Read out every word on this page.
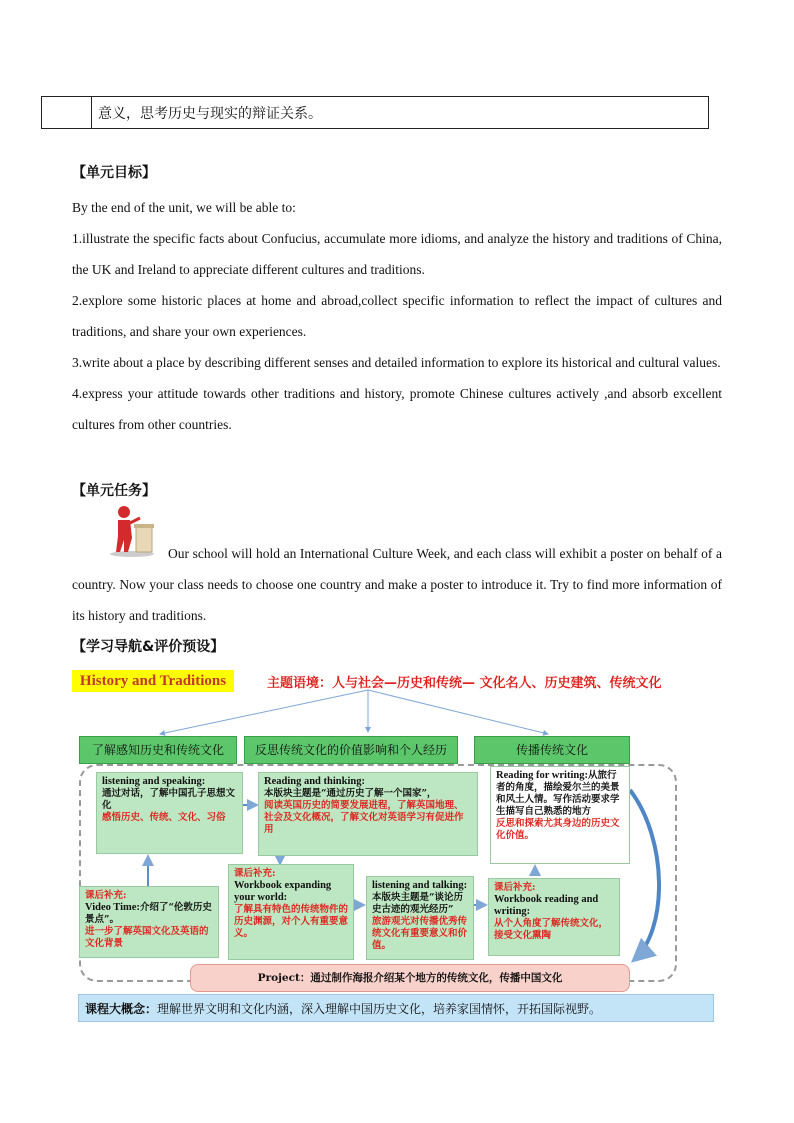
意义，思考历史与现实的辩证关系。
【单元目标】

By the end of the unit, we will be able to:

1.illustrate the specific facts about Confucius, accumulate more idioms, and analyze the history and traditions of China, the UK and Ireland to appreciate different cultures and traditions.

2.explore some historic places at home and abroad,collect specific information to reflect the impact of cultures and traditions, and share your own experiences.

3.write about a place by describing different senses and detailed information to explore its historical and cultural values.

4.express your attitude towards other traditions and history, promote Chinese cultures actively ,and absorb excellent cultures from other countries.

【单元任务】
Our school will hold an International Culture Week, and each class will exhibit a poster on behalf of a country. Now your class needs to choose one country and make a poster to introduce it. Try to find more information of its history and traditions.
【学习导航&评价预设】
History and Traditions	主题语境：人与社会—历史和传统— 文化名人、历史建筑、传统文化
了解感知历史和传统文化	反思传统文化的价值影响和个人经历	传播传统文化
listening and speaking:
通过对话，了解中国孔子思想文化
感悟历史、传统、文化、习俗
Reading and thinking:
本版块主题是“通过历史了解一个国家”，
阅读英国历史的简要发展进程，了解英国地理、社会及文化概况，了解文化对英语学习有促进作用
Reading for writing:从旅行者的角度，描绘爱尔兰的美景和风土人情。写作活动要求学生描写自己熟悉的地方
反思和探索尤其身边的历史文化价值。
课后补充:
Video Time:介绍了“伦敦历史景点”。
进一步了解英国文化及英语的文化背景
课后补充:
Workbook expanding your world:
了解具有特色的传统物件的历史渊源，对个人有重要意义。
listening and talking:
本版块主题是“谈论历史古迹的观光经历”
旅游观光对传播优秀传统文化有重要意义和价值。
课后补充:
Workbook reading and writing:
从个人角度了解传统文化，接受文化熏陶
Project：通过制作海报介绍某个地方的传统文化，传播中国文化
课程大概念：理解世界文明和文化内涵，深入理解中国历史文化，培养家国情怀，开拓国际视野。
